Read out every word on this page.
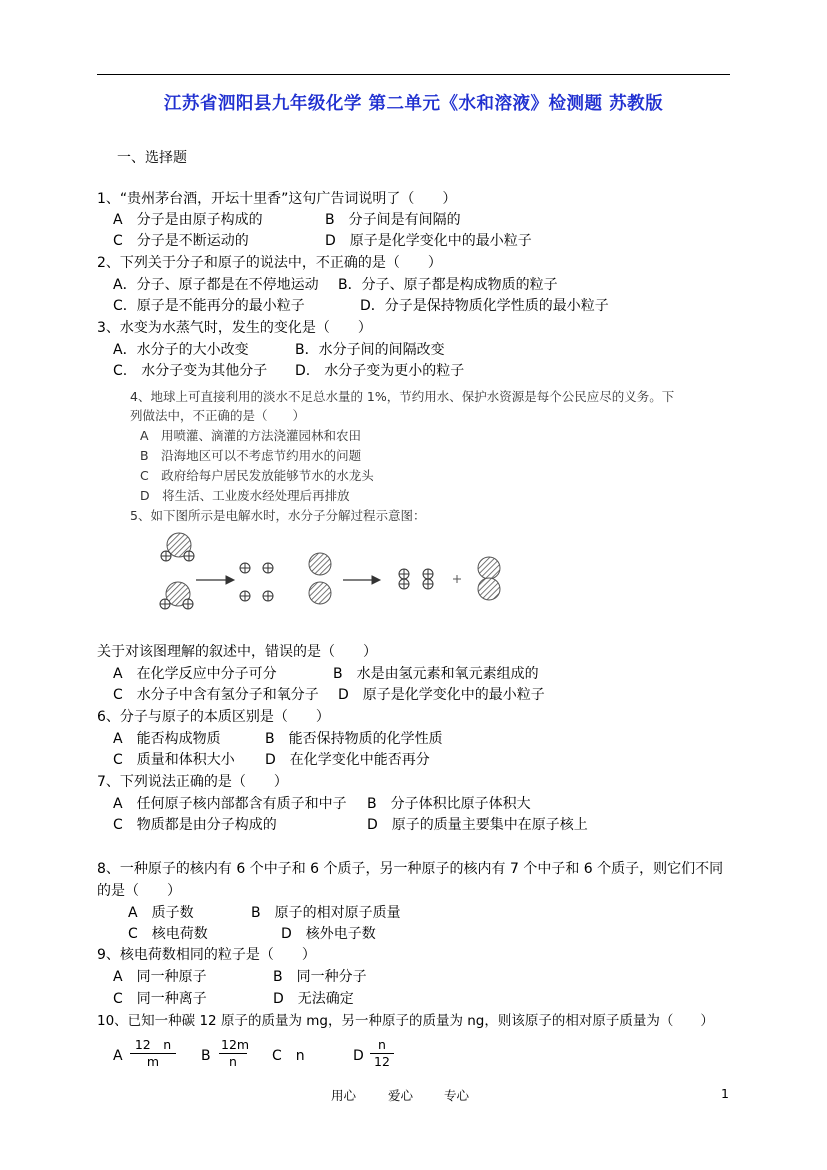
江苏省泗阳县九年级化学 第二单元《水和溶液》检测题 苏教版
一、选择题
1、“贵州茅台酒，开坛十里香”这句广告词说明了（　　）
A　分子是由原子构成的	B　分子间是有间隔的
C　分子是不断运动的	D　原子是化学变化中的最小粒子
2、下列关于分子和原子的说法中，不正确的是（　　）
A．分子、原子都是在不停地运动 B．分子、原子都是构成物质的粒子
C．原子是不能再分的最小粒子	D．分子是保持物质化学性质的最小粒子
3、水变为水蒸气时，发生的变化是（　　）
A．水分子的大小改变	B．水分子间的间隔改变
C.　水分子变为其他分子 D.　水分子变为更小的粒子
4、地球上可直接利用的淡水不足总水量的 1%，节约用水、保护水资源是每个公民应尽的义务。下
列做法中，不正确的是（　　）
A　用喷灌、滴灌的方法浇灌园林和农田
B　沿海地区可以不考虑节约用水的问题
C　政府给每户居民发放能够节水的水龙头
D　将生活、工业废水经处理后再排放
5、如下图所示是电解水时，水分子分解过程示意图：
关于对该图理解的叙述中，错误的是（　　）
A　在化学反应中分子可分	B　水是由氢元素和氧元素组成的
C　水分子中含有氢分子和氧分子 D　原子是化学变化中的最小粒子
6、分子与原子的本质区别是（　　）
A　能否构成物质	B　能否保持物质的化学性质
C　质量和体积大小 D　在化学变化中能否再分
7、下列说法正确的是（　　）
A　任何原子核内部都含有质子和中子 B　分子体积比原子体积大
C　物质都是由分子构成的	D　原子的质量主要集中在原子核上
8、一种原子的核内有 6 个中子和 6 个质子，另一种原子的核内有 7 个中子和 6 个质子，则它们不同
的是（　　）
A　质子数	B　原子的相对原子质量
C　核电荷数	D　核外电子数
9、核电荷数相同的粒子是（　　）
A　同一种原子	B　同一种分子
C　同一种离子	D　无法确定
10、已知一种碳 12 原子的质量为 mg，另一种原子的质量为 ng，则该原子的相对原子质量为（　　）
A $\frac{12 n}{m}$ B $\frac{12m}{n}$ C　n	D $\frac{n}{12}$
用心	爱心 专心	1
